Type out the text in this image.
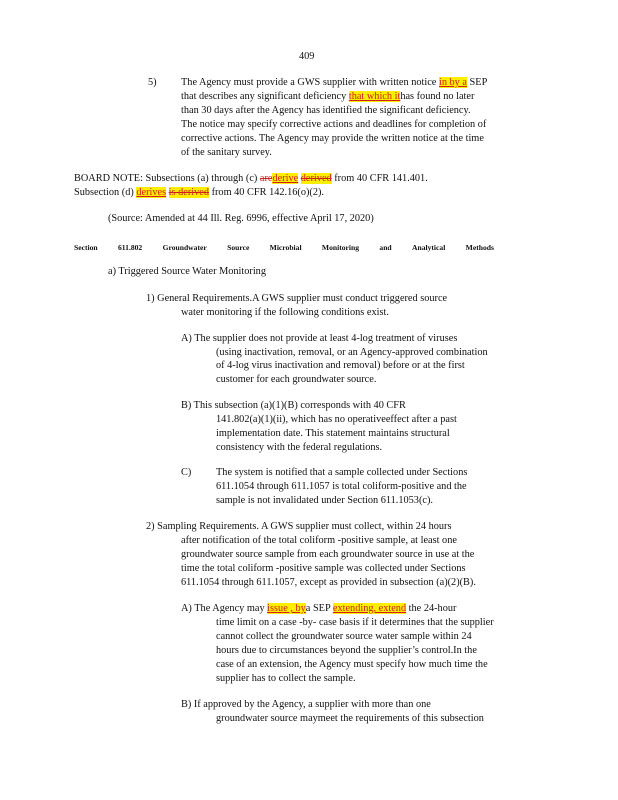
409
5) The Agency must provide a GWS supplier with written notice in by a SEP
that describes any significant deficiency that which ithas found no later
than 30 days after the Agency has identified the significant deficiency.
The notice may specify corrective actions and deadlines for completion of
corrective actions. The Agency may provide the written notice at the time
of the sanitary survey.
BOARD NOTE: Subsections (a) through (c) arederive derived from 40 CFR 141.401.
Subsection (d) derives is derived from 40 CFR 142.16(o)(2).
(Source: Amended at 44 Ill. Reg. 6996, effective April 17, 2020)
Section	611.802	Groundwater	Source	Microbial	Monitoring	and	Analytical	Methods
a) Triggered Source Water Monitoring
1) General Requirements.A GWS supplier must conduct triggered source
water monitoring if the following conditions exist.
A) The supplier does not provide at least 4-log treatment of viruses
(using inactivation, removal, or an Agency-approved combination
of 4-log virus inactivation and removal) before or at the first
customer for each groundwater source.
B) This subsection (a)(1)(B) corresponds with 40 CFR
141.802(a)(1)(ii), which has no operativeeffect after a past
implementation date. This statement maintains structural
consistency with the federal regulations.
C) The system is notified that a sample collected under Sections
611.1054 through 611.1057 is total coliform-positive and the
sample is not invalidated under Section 611.1053(c).
2) Sampling Requirements. A GWS supplier must collect, within 24 hours
after notification of the total coliform -positive sample, at least one
groundwater source sample from each groundwater source in use at the
time the total coliform -positive sample was collected under Sections
611.1054 through 611.1057, except as provided in subsection (a)(2)(B).
A) The Agency may issue , bya SEP extending, extend the 24-hour
time limit on a case -by- case basis if it determines that the supplier
cannot collect the groundwater source water sample within 24
hours due to circumstances beyond the supplier’s control.In the
case of an extension, the Agency must specify how much time the
supplier has to collect the sample.
B) If approved by the Agency, a supplier with more than one
groundwater source maymeet the requirements of this subsection
